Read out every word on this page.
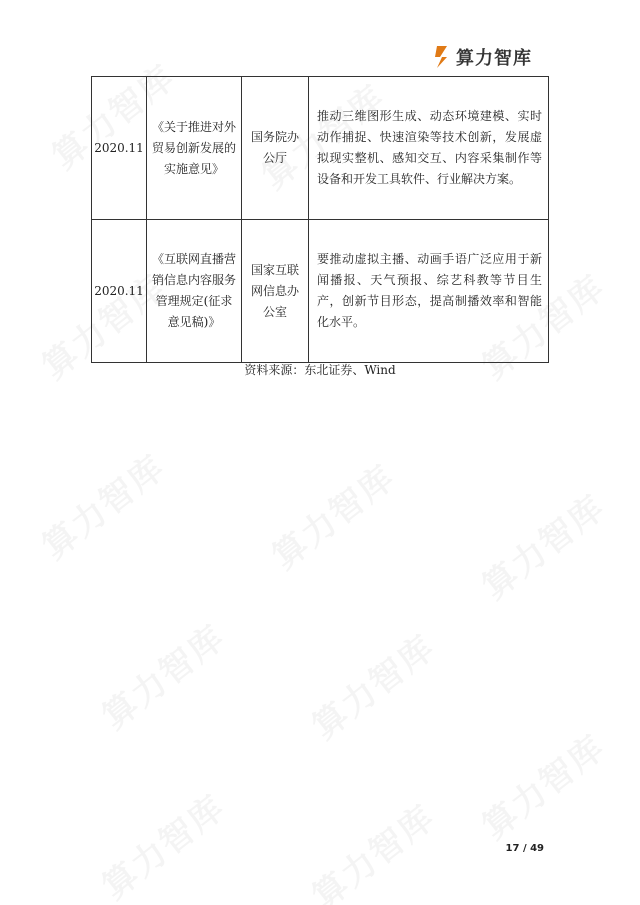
算力智库
2020.11	《关于推进对外贸易创新发展的实施意见》	国务院办公厅	推动三维图形生成、动态环境建模、实时动作捕捉、快速渲染等技术创新，发展虚拟现实整机、感知交互、内容采集制作等设备和开发工具软件、行业解决方案。
2020.11	《互联网直播营销信息内容服务管理规定(征求意见稿)》	国家互联网信息办公室	要推动虚拟主播、动画手语广泛应用于新闻播报、天气预报、综艺科教等节目生产，创新节目形态，提高制播效率和智能化水平。
资料来源：东北证券、Wind
17 / 49
